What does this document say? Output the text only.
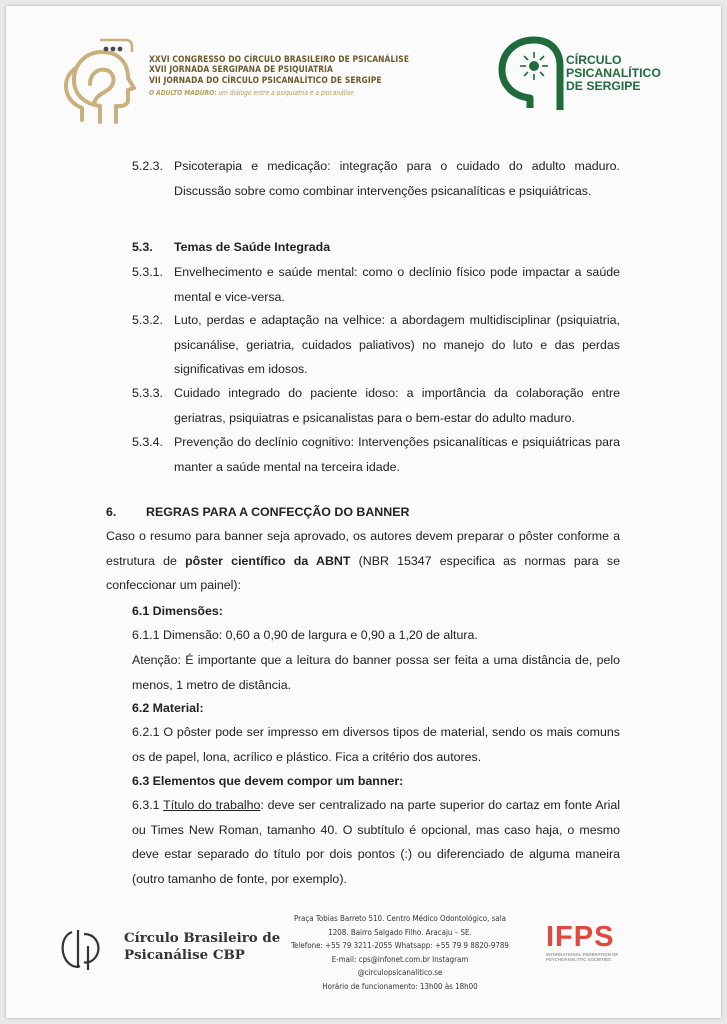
XXVI CONGRESSO DO CÍRCULO BRASILEIRO DE PSICANÁLISE
XVII JORNADA SERGIPANA DE PSIQUIATRIA
VII JORNADA DO CÍRCULO PSICANALÍTICO DE SERGIPE
O ADULTO MADURO: um diálogo entre a psiquiatria e a psicanálise
CÍRCULO
PSICANALÍTICO
DE SERGIPE
5.2.3. Psicoterapia e medicação: integração para o cuidado do adulto maduro. Discussão sobre como combinar intervenções psicanalíticas e psiquiátricas.
5.3. Temas de Saúde Integrada
5.3.1. Envelhecimento e saúde mental: como o declínio físico pode impactar a saúde mental e vice-versa.
5.3.2. Luto, perdas e adaptação na velhice: a abordagem multidisciplinar (psiquiatria, psicanálise, geriatria, cuidados paliativos) no manejo do luto e das perdas significativas em idosos.
5.3.3. Cuidado integrado do paciente idoso: a importância da colaboração entre geriatras, psiquiatras e psicanalistas para o bem-estar do adulto maduro.
5.3.4. Prevenção do declínio cognitivo: Intervenções psicanalíticas e psiquiátricas para manter a saúde mental na terceira idade.
6. REGRAS PARA A CONFECÇÃO DO BANNER
Caso o resumo para banner seja aprovado, os autores devem preparar o pôster conforme a estrutura de pôster científico da ABNT (NBR 15347 especifica as normas para se confeccionar um painel):
6.1 Dimensões:
6.1.1 Dimensão: 0,60 a 0,90 de largura e 0,90 a 1,20 de altura.
Atenção: É importante que a leitura do banner possa ser feita a uma distância de, pelo menos, 1 metro de distância.
6.2 Material:
6.2.1 O pôster pode ser impresso em diversos tipos de material, sendo os mais comuns os de papel, lona, acrílico e plástico. Fica a critério dos autores.
6.3 Elementos que devem compor um banner:
6.3.1 Título do trabalho: deve ser centralizado na parte superior do cartaz em fonte Arial ou Times New Roman, tamanho 40. O subtítulo é opcional, mas caso haja, o mesmo deve estar separado do título por dois pontos (:) ou diferenciado de alguma maneira (outro tamanho de fonte, por exemplo).
Círculo Brasileiro de
Psicanálise CBP
Praça Tobias Barreto 510. Centro Médico Odontológico, sala
1208. Bairro Salgado Filho. Aracaju – SE.
Telefone: +55 79 3211-2055 Whatsapp: +55 79 9 8820-9789
E-mail: cps@infonet.com.br Instagram
@circulopsicanalitico.se
Horário de funcionamento: 13h00 às 18h00
IFPS
INTERNATIONAL FEDERATION OF
PSYCHOANALYTIC SOCIETIES
